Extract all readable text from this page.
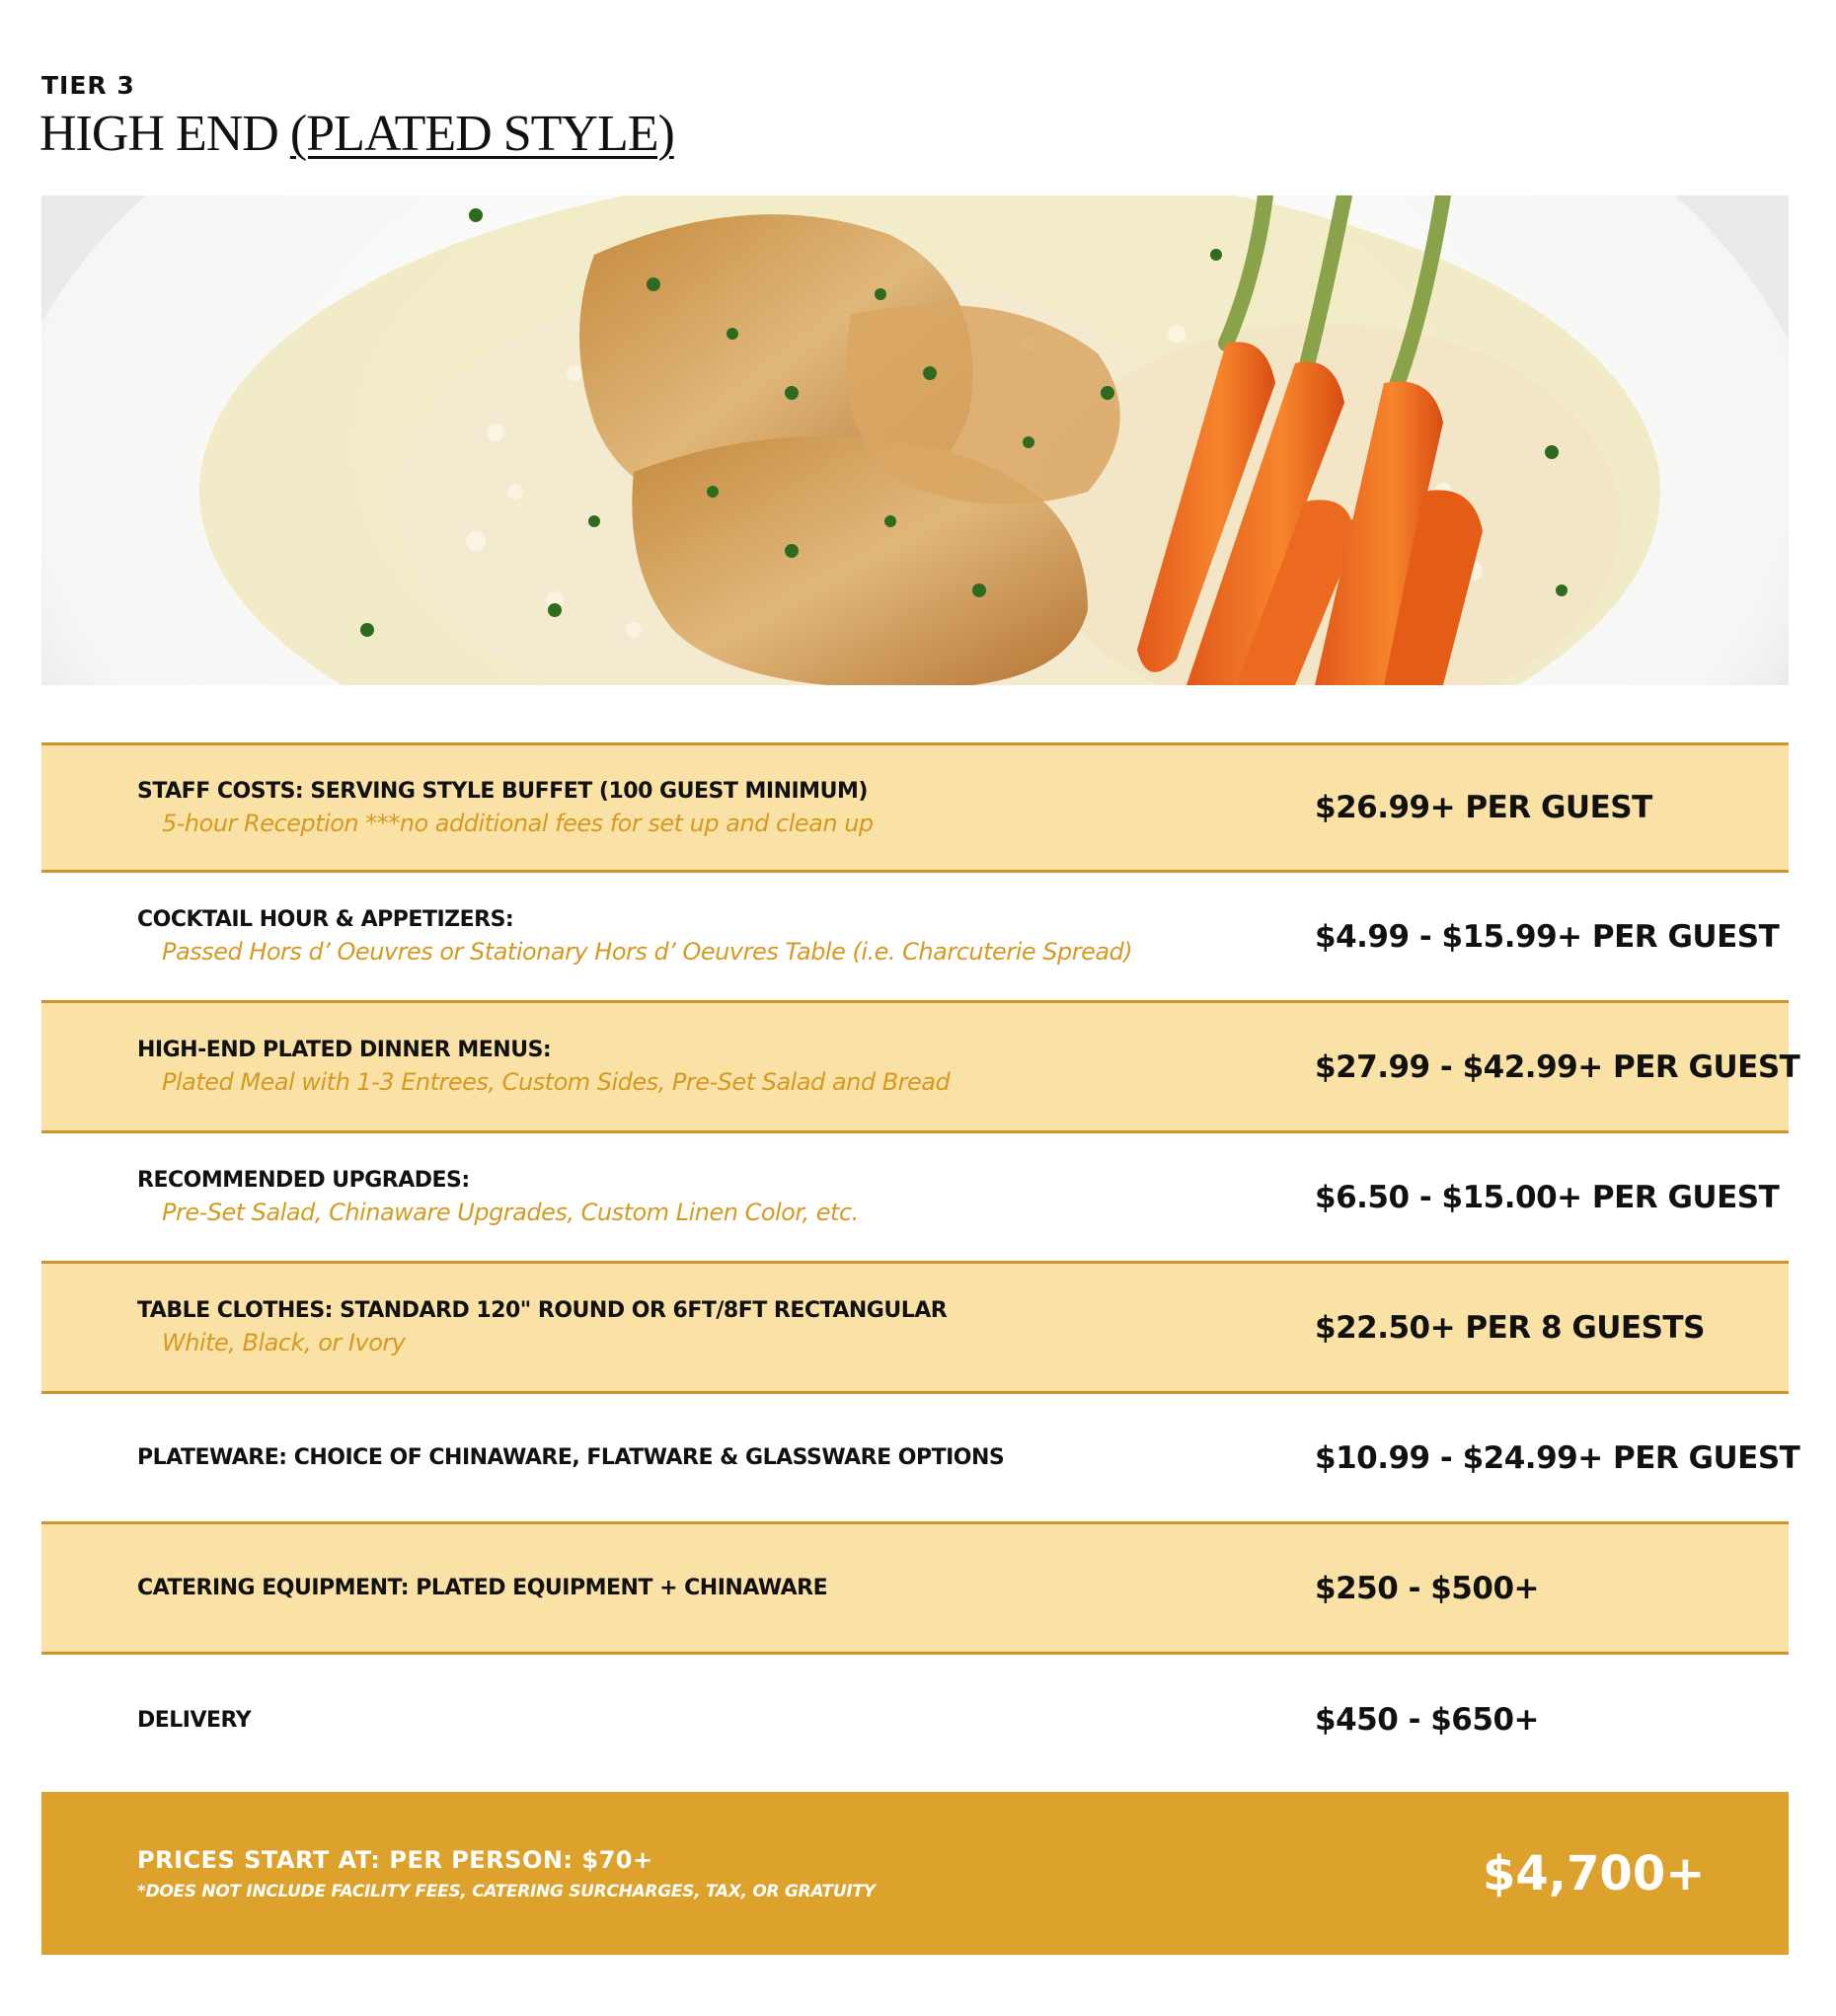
TIER 3
HIGH END (PLATED STYLE)
STAFF COSTS: SERVING STYLE BUFFET (100 GUEST MINIMUM)
5-hour Reception ***no additional fees for set up and clean up	$26.99+ PER GUEST
COCKTAIL HOUR & APPETIZERS:
Passed Hors d’ Oeuvres or Stationary Hors d’ Oeuvres Table (i.e. Charcuterie Spread)	$4.99 - $15.99+ PER GUEST
HIGH-END PLATED DINNER MENUS:
Plated Meal with 1-3 Entrees, Custom Sides, Pre-Set Salad and Bread	$27.99 - $42.99+ PER GUEST
RECOMMENDED UPGRADES:
Pre-Set Salad, Chinaware Upgrades, Custom Linen Color, etc.	$6.50 - $15.00+ PER GUEST
TABLE CLOTHES: STANDARD 120" ROUND OR 6FT/8FT RECTANGULAR
White, Black, or Ivory	$22.50+ PER 8 GUESTS
PLATEWARE: CHOICE OF CHINAWARE, FLATWARE & GLASSWARE OPTIONS	$10.99 - $24.99+ PER GUEST
CATERING EQUIPMENT: PLATED EQUIPMENT + CHINAWARE	$250 - $500+
DELIVERY	$450 - $650+
PRICES START AT: PER PERSON: $70+
*DOES NOT INCLUDE FACILITY FEES, CATERING SURCHARGES, TAX, OR GRATUITY	$4,700+
